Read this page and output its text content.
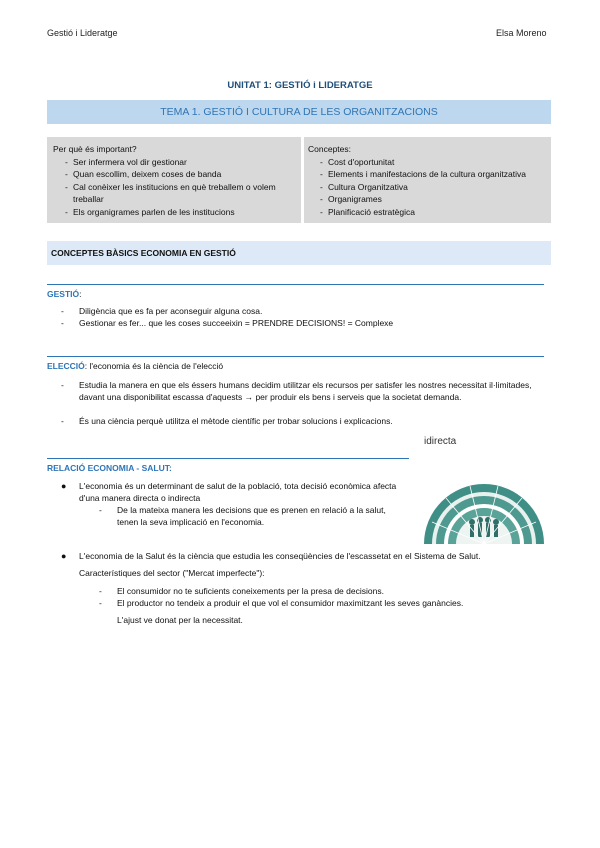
Gestió i Lideratge	Elsa Moreno
UNITAT 1: GESTIÓ i LIDERATGE
TEMA 1. GESTIÓ I CULTURA DE LES ORGANITZACIONS
Per què és important?
- Ser infermera vol dir gestionar
- Quan escollim, deixem coses de banda
- Cal conèixer les institucions en què treballem o volem treballar
- Els organigrames parlen de les institucions
Conceptes:
- Cost d'oportunitat
- Elements i manifestacions de la cultura organitzativa
- Cultura Organitzativa
- Organigrames
- Planificació estratègica
CONCEPTES BÀSICS ECONOMIA EN GESTIÓ
GESTIÓ:
- Diligència que es fa per aconseguir alguna cosa.
- Gestionar es fer... que les coses succeeixin = PRENDRE DECISIONS! = Complexe
ELECCIÓ: l'economia és la ciència de l'elecció
- Estudia la manera en que els éssers humans decidim utilitzar els recursos per satisfer les nostres necessitat il·limitades, davant una disponibilitat escassa d'aquests → per produir els bens i serveis que la societat demanda.
- És una ciència perquè utilitza el mètode científic per trobar solucions i explicacions.
RELACIÓ ECONOMIA - SALUT:
● L'economia és un determinant de salut de la població, tota decisió econòmica afecta d'una manera directa o indirecta
- De la mateixa manera les decisions que es prenen en relació a la salut, tenen la seva implicació en l'economia.
● L'economia de la Salut és la ciència que estudia les conseqüències de l'escassetat en el Sistema de Salut.
Característiques del sector ("Mercat imperfecte"):
- El consumidor no te suficients coneixements per la presa de decisions.
- El productor no tendeix a produir el que vol el consumidor maximitzant les seves ganàncies.
L'ajust ve donat per la necessitat.
idirecta
